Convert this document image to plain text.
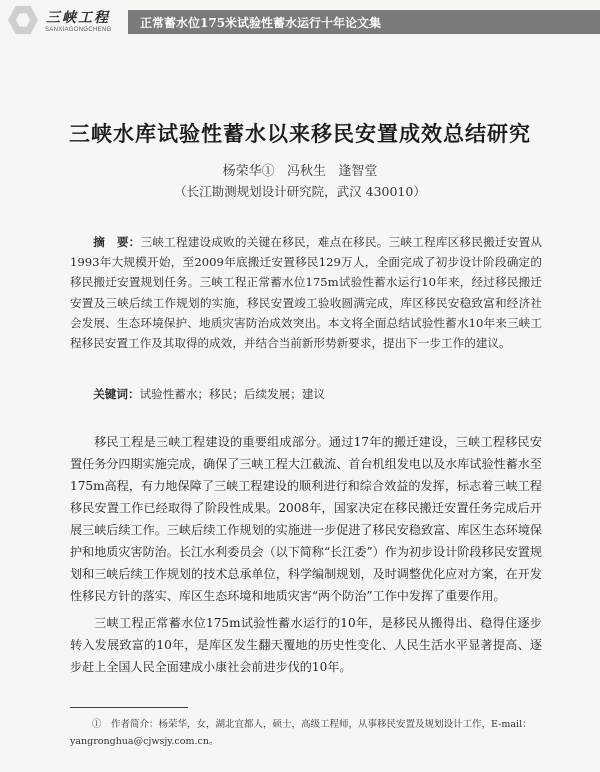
三峡工程
SANXIAGONGCHENG 正常蓄水位175米试验性蓄水运行十年论文集
三峡水库试验性蓄水以来移民安置成效总结研究
杨荣华①   冯秋生   逢智堂
（长江勘测规划设计研究院，武汉 430010）
摘　要：三峡工程建设成败的关键在移民，难点在移民。三峡工程库区移民搬迁安置从1993年大规模开始，至2009年底搬迁安置移民129万人，全面完成了初步设计阶段确定的移民搬迁安置规划任务。三峡工程正常蓄水位175m试验性蓄水运行10年来，经过移民搬迁安置及三峡后续工作规划的实施，移民安置竣工验收圆满完成，库区移民安稳致富和经济社会发展、生态环境保护、地质灾害防治成效突出。本文将全面总结试验性蓄水10年来三峡工程移民安置工作及其取得的成效，并结合当前新形势新要求，提出下一步工作的建议。
关键词：试验性蓄水；移民；后续发展；建议

移民工程是三峡工程建设的重要组成部分。通过17年的搬迁建设，三峡工程移民安置任务分四期实施完成，确保了三峡工程大江截流、首台机组发电以及水库试验性蓄水至175m高程，有力地保障了三峡工程建设的顺利进行和综合效益的发挥，标志着三峡工程移民安置工作已经取得了阶段性成果。2008年，国家决定在移民搬迁安置任务完成后开展三峡后续工作。三峡后续工作规划的实施进一步促进了移民安稳致富、库区生态环境保护和地质灾害防治。长江水利委员会（以下简称“长江委”）作为初步设计阶段移民安置规划和三峡后续工作规划的技术总承单位，科学编制规划，及时调整优化应对方案，在开发性移民方针的落实、库区生态环境和地质灾害“两个防治”工作中发挥了重要作用。

三峡工程正常蓄水位175m试验性蓄水运行的10年，是移民从搬得出、稳得住逐步转入发展致富的10年，是库区发生翻天覆地的历史性变化、人民生活水平显著提高、逐步赶上全国人民全面建成小康社会前进步伐的10年。

①　 作者简介：杨荣华，女，湖北宜都人，硕士，高级工程师，从事移民安置及规划设计工作，E-mail：
yangronghua@cjwsjy.com.cn。
